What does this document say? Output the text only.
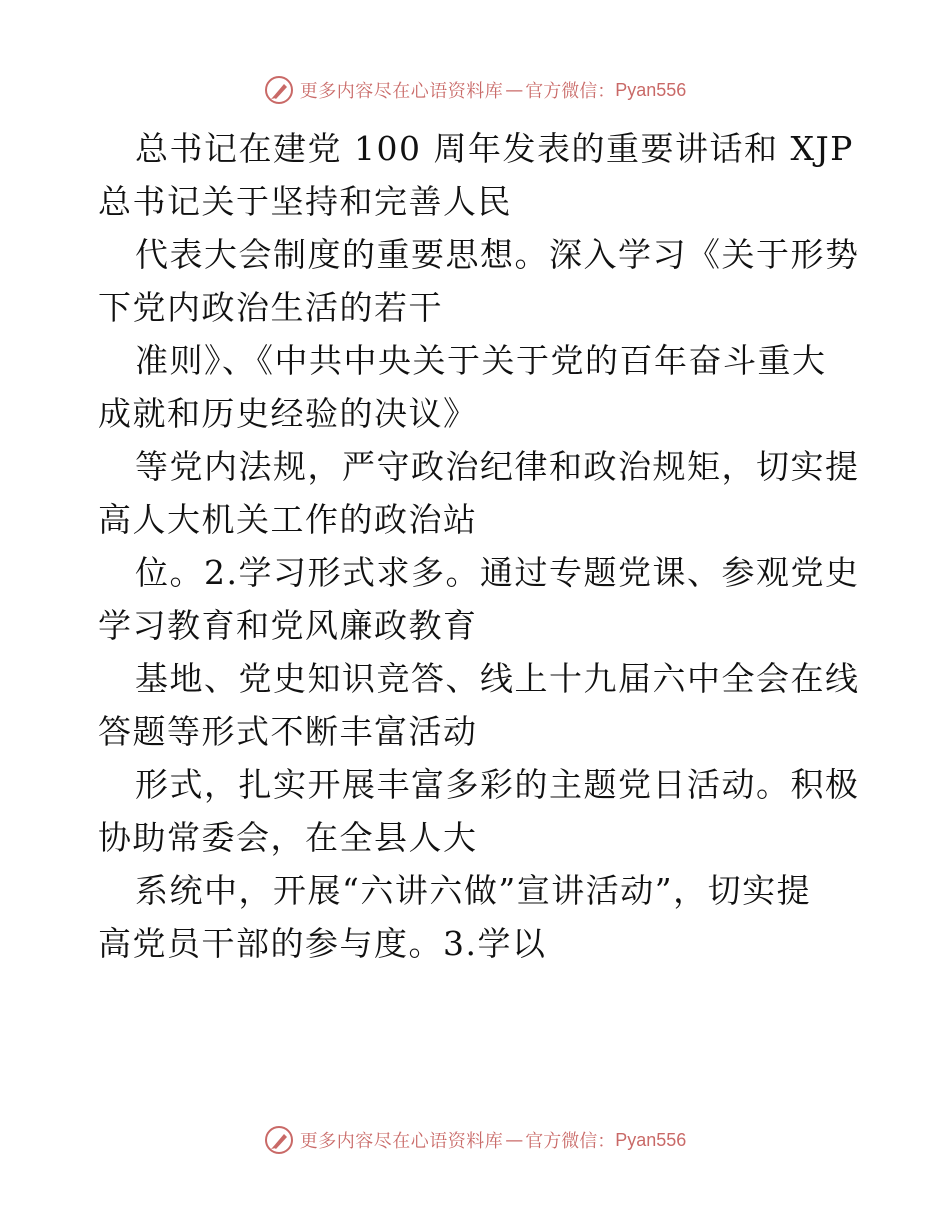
更多内容尽在心语资料库 — 官方微信： Pyan556

总书记在建党 100 周年发表的重要讲话和 XJP
总书记关于坚持和完善人民

代表大会制度的重要思想。深入学习《关于形势
下党内政治生活的若干

准则》、《中共中央关于关于党的百年奋斗重大
成就和历史经验的决议》

等党内法规，严守政治纪律和政治规矩，切实提
高人大机关工作的政治站

位。2.学习形式求多。通过专题党课、参观党史
学习教育和党风廉政教育

基地、党史知识竞答、线上十九届六中全会在线
答题等形式不断丰富活动

形式，扎实开展丰富多彩的主题党日活动。积极
协助常委会，在全县人大

系统中，开展“六讲六做”宣讲活动”，切实提
高党员干部的参与度。3.学以

更多内容尽在心语资料库 — 官方微信： Pyan556
